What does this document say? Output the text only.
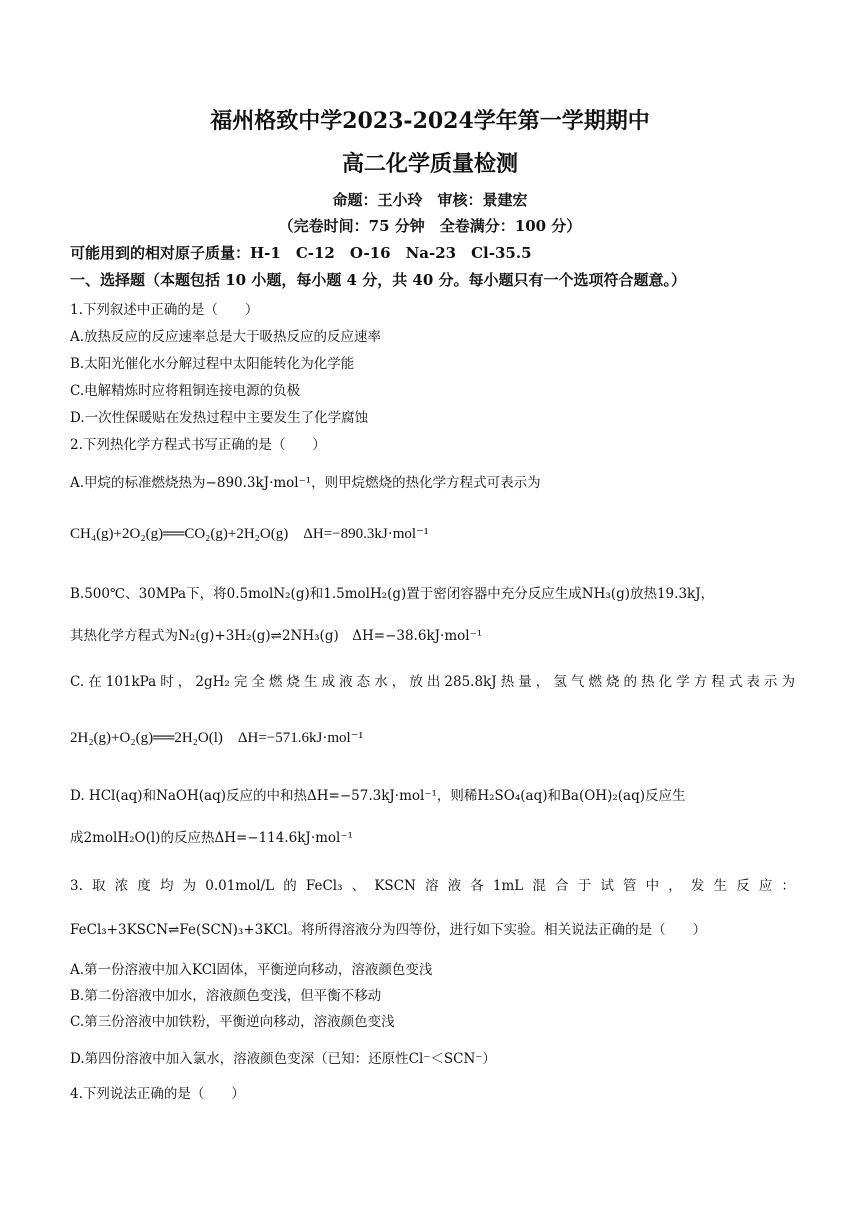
福州格致中学2023-2024学年第一学期期中
高二化学质量检测
命题：王小玲　审核：景建宏
（完卷时间：75 分钟　全卷满分：100 分）
可能用到的相对原子质量：H-1　C-12　O-16　Na-23　Cl-35.5
一、选择题（本题包括 10 小题，每小题 4 分，共 40 分。每小题只有一个选项符合题意。）
1.下列叙述中正确的是（　　）
A.放热反应的反应速率总是大于吸热反应的反应速率
B.太阳光催化水分解过程中太阳能转化为化学能
C.电解精炼时应将粗铜连接电源的负极
D.一次性保暖贴在发热过程中主要发生了化学腐蚀
2.下列热化学方程式书写正确的是（　　）
A.甲烷的标准燃烧热为−890.3kJ·mol⁻¹，则甲烷燃烧的热化学方程式可表示为
CH₄(g)+2O₂(g)══CO₂(g)+2H₂O(g)　ΔH=−890.3kJ·mol⁻¹
B.500℃、30MPa下，将0.5molN₂(g)和1.5molH₂(g)置于密闭容器中充分反应生成NH₃(g)放热19.3kJ，
其热化学方程式为N₂(g)+3H₂(g)⇌2NH₃(g)　ΔH=−38.6kJ·mol⁻¹
C.在101kPa时，2gH₂完全燃烧生成液态水，放出285.8kJ热量，氢气燃烧的热化学方程式表示为
2H₂(g)+O₂(g)══2H₂O(l)　ΔH=−571.6kJ·mol⁻¹
D. HCl(aq)和NaOH(aq)反应的中和热ΔH=−57.3kJ·mol⁻¹，则稀H₂SO₄(aq)和Ba(OH)₂(aq)反应生
成2molH₂O(l)的反应热ΔH=−114.6kJ·mol⁻¹
3.取浓度均为0.01mol/L的FeCl₃、KSCN溶液各1mL混合于试管中，发生反应：
FeCl₃+3KSCN⇌Fe(SCN)₃+3KCl。将所得溶液分为四等份，进行如下实验。相关说法正确的是（　　）
A.第一份溶液中加入KCl固体，平衡逆向移动，溶液颜色变浅
B.第二份溶液中加水，溶液颜色变浅，但平衡不移动
C.第三份溶液中加铁粉，平衡逆向移动，溶液颜色变浅
D.第四份溶液中加入氯水，溶液颜色变深（已知：还原性Cl⁻＜SCN⁻）
4.下列说法正确的是（　　）
